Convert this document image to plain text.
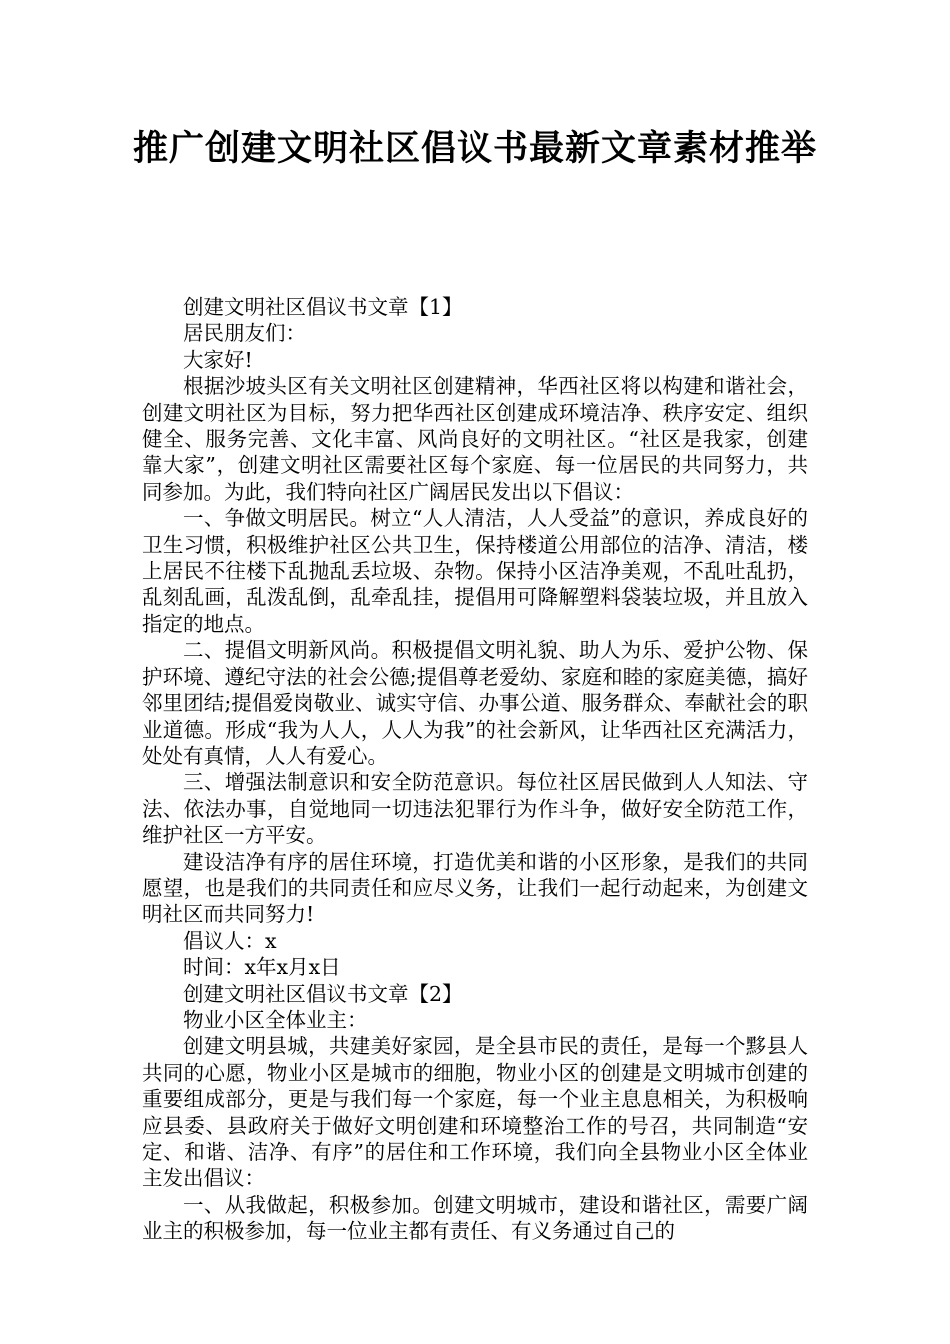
推广创建文明社区倡议书最新文章素材推举

创建文明社区倡议书文章【1】

居民朋友们：

大家好!

根据沙坡头区有关文明社区创建精神，华西社区将以构建和谐社会，创建文明社区为目标，努力把华西社区创建成环境洁净、秩序安定、组织健全、服务完善、文化丰富、风尚良好的文明社区。“社区是我家，创建靠大家”，创建文明社区需要社区每个家庭、每一位居民的共同努力，共同参加。为此，我们特向社区广阔居民发出以下倡议：

一、争做文明居民。树立“人人清洁，人人受益”的意识，养成良好的卫生习惯，积极维护社区公共卫生，保持楼道公用部位的洁净、清洁，楼上居民不往楼下乱抛乱丢垃圾、杂物。保持小区洁净美观，不乱吐乱扔，乱刻乱画，乱泼乱倒，乱牵乱挂，提倡用可降解塑料袋装垃圾，并且放入指定的地点。

二、提倡文明新风尚。积极提倡文明礼貌、助人为乐、爱护公物、保护环境、遵纪守法的社会公德;提倡尊老爱幼、家庭和睦的家庭美德，搞好邻里团结;提倡爱岗敬业、诚实守信、办事公道、服务群众、奉献社会的职业道德。形成“我为人人，人人为我”的社会新风，让华西社区充满活力，处处有真情，人人有爱心。

三、增强法制意识和安全防范意识。每位社区居民做到人人知法、守法、依法办事，自觉地同一切违法犯罪行为作斗争，做好安全防范工作，维护社区一方平安。

建设洁净有序的居住环境，打造优美和谐的小区形象，是我们的共同愿望，也是我们的共同责任和应尽义务，让我们一起行动起来，为创建文明社区而共同努力!

倡议人：x

时间：x年x月x日

创建文明社区倡议书文章【2】

物业小区全体业主：

创建文明县城，共建美好家园，是全县市民的责任，是每一个黟县人共同的心愿，物业小区是城市的细胞，物业小区的创建是文明城市创建的重要组成部分，更是与我们每一个家庭，每一个业主息息相关，为积极响应县委、县政府关于做好文明创建和环境整治工作的号召，共同制造“安定、和谐、洁净、有序”的居住和工作环境，我们向全县物业小区全体业主发出倡议：

一、从我做起，积极参加。创建文明城市，建设和谐社区，需要广阔业主的积极参加，每一位业主都有责任、有义务通过自己的
